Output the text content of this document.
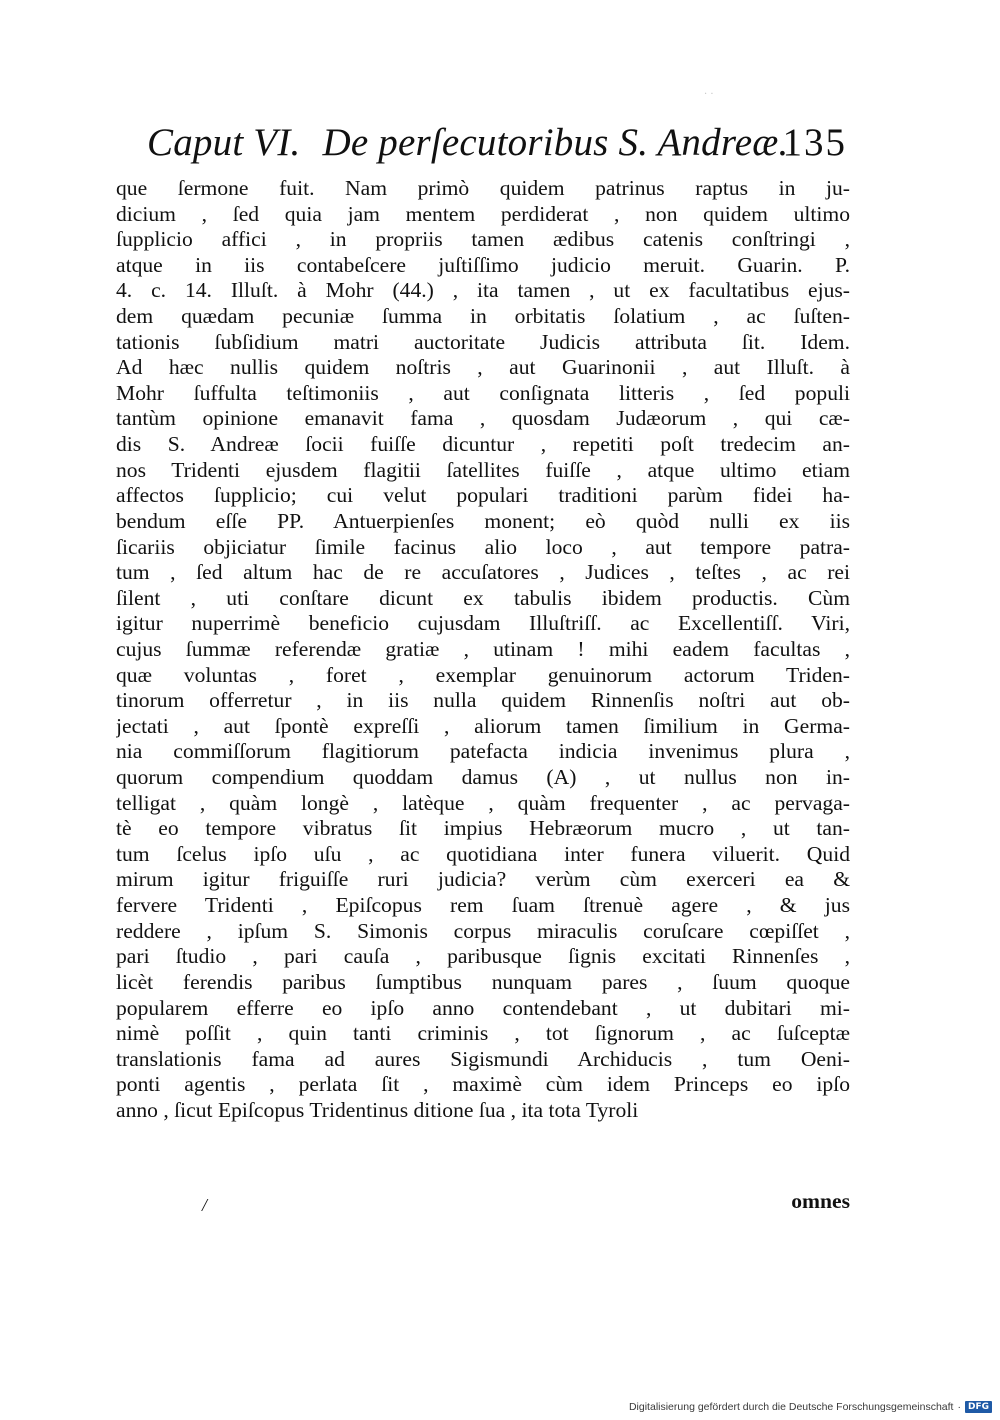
· ·
Caput VI. De perſecutoribus S. Andreæ.
135
que ſermone fuit. Nam primò quidem patrinus raptus in ju-
dicium , ſed quia jam mentem perdiderat , non quidem ultimo
ſupplicio affici , in propriis tamen ædibus catenis conſtringi ,
atque in iis contabeſcere juſtiſſimo judicio meruit. Guarin. P.
4. c. 14. Illuſt. à Mohr (44.) , ita tamen , ut ex facultatibus ejus-
dem quædam pecuniæ ſumma in orbitatis ſolatium , ac ſuſten-
tationis ſubſidium matri auctoritate Judicis attributa ſit. Idem.
Ad hæc nullis quidem noſtris , aut Guarinonii , aut Illuſt. à
Mohr ſuffulta teſtimoniis , aut conſignata litteris , ſed populi
tantùm opinione emanavit fama , quosdam Judæorum , qui cæ-
dis S. Andreæ ſocii fuiſſe dicuntur , repetiti poſt tredecim an-
nos Tridenti ejusdem flagitii ſatellites fuiſſe , atque ultimo etiam
affectos ſupplicio; cui velut populari traditioni parùm fidei ha-
bendum eſſe PP. Antuerpienſes monent; eò quòd nulli ex iis
ſicariis objiciatur ſimile facinus alio loco , aut tempore patra-
tum , ſed altum hac de re accuſatores , Judices , teſtes , ac rei
ſilent , uti conſtare dicunt ex tabulis ibidem productis. Cùm
igitur nuperrimè beneficio cujusdam Illuſtriſſ. ac Excellentiſſ. Viri,
cujus ſummæ referendæ gratiæ , utinam ! mihi eadem facultas ,
quæ voluntas , foret , exemplar genuinorum actorum Triden-
tinorum offerretur , in iis nulla quidem Rinnenſis noſtri aut ob-
jectati , aut ſpontè expreſſi , aliorum tamen ſimilium in Germa-
nia commiſſorum flagitiorum patefacta indicia invenimus plura ,
quorum compendium quoddam damus (A) , ut nullus non in-
telligat , quàm longè , latèque , quàm frequenter , ac pervaga-
tè eo tempore vibratus ſit impius Hebræorum mucro , ut tan-
tum ſcelus ipſo uſu , ac quotidiana inter funera viluerit. Quid
mirum igitur friguiſſe ruri judicia? verùm cùm exerceri ea &
fervere Tridenti , Epiſcopus rem ſuam ſtrenuè agere , & jus
reddere , ipſum S. Simonis corpus miraculis coruſcare cœpiſſet ,
pari ſtudio , pari cauſa , paribusque ſignis excitati Rinnenſes ,
licèt ferendis paribus ſumptibus nunquam pares , ſuum quoque
popularem efferre eo ipſo anno contendebant , ut dubitari mi-
nimè poſſit , quin tanti criminis , tot ſignorum , ac ſuſceptæ
translationis fama ad aures Sigismundi Archiducis , tum Oeni-
ponti agentis , perlata ſit , maximè cùm idem Princeps eo ipſo
anno , ſicut Epiſcopus Tridentinus ditione ſua , ita tota Tyroli
/	omnes
Digitalisierung gefördert durch die Deutsche Forschungsgemeinschaft · DFG
